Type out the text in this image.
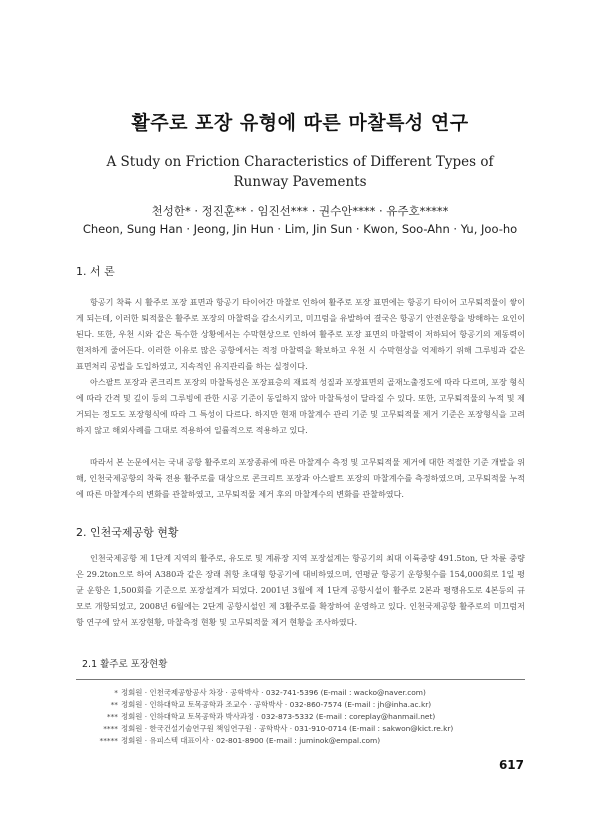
활주로 포장 유형에 따른 마찰특성 연구
A Study on Friction Characteristics of Different Types of Runway Pavements
천성한* · 정진훈** · 임진선*** · 권수안**** · 유주호*****
Cheon, Sung Han · Jeong, Jin Hun · Lim, Jin Sun · Kwon, Soo-Ahn · Yu, Joo-ho
1. 서 론

항공기 착륙 시 활주로 포장 표면과 항공기 타이어간 마찰로 인하여 활주로 포장 표면에는 항공기 타이어 고무퇴적물이 쌓이게 되는데, 이러한 퇴적물은 활주로 포장의 마찰력을 감소시키고, 미끄럼을 유발하여 결국은 항공기 안전운항을 방해하는 요인이 된다. 또한, 우천 시와 같은 특수한 상황에서는 수막현상으로 인하여 활주로 포장 표면의 마찰력이 저하되어 항공기의 제동력이 현저하게 줄어든다. 이러한 이유로 많은 공항에서는 적정 마찰력을 확보하고 우천 시 수막현상을 억제하기 위해 그루빙과 같은 표면처리 공법을 도입하였고, 지속적인 유지관리를 하는 실정이다.

아스팔트 포장과 콘크리트 포장의 마찰특성은 포장표층의 재료적 성질과 포장표면의 골재노출정도에 따라 다르며, 포장 형식에 따라 간격 및 깊이 등의 그루빙에 관한 시공 기준이 동일하지 않아 마찰특성이 달라질 수 있다. 또한, 고무퇴적물의 누적 및 제거되는 정도도 포장형식에 따라 그 특성이 다르다. 하지만 현재 마찰계수 관리 기준 및 고무퇴적물 제거 기준은 포장형식을 고려하지 않고 해외사례를 그대로 적용하여 일률적으로 적용하고 있다.

따라서 본 논문에서는 국내 공항 활주로의 포장종류에 따른 마찰계수 측정 및 고무퇴적물 제거에 대한 적절한 기준 개발을 위해, 인천국제공항의 착륙 전용 활주로를 대상으로 콘크리트 포장과 아스팔트 포장의 마찰계수를 측정하였으며, 고무퇴적물 누적에 따른 마찰계수의 변화를 관찰하였고, 고무퇴적물 제거 후의 마찰계수의 변화를 관찰하였다.

2. 인천국제공항 현황

인천국제공항 제 1단계 지역의 활주로, 유도로 및 계류장 지역 포장설계는 항공기의 최대 이륙중량 491.5ton, 단 차륜 중량은 29.2ton으로 하여 A380과 같은 장래 취항 초대형 항공기에 대비하였으며, 연평균 항공기 운항횟수를 154,000회로 1일 평균 운항은 1,500회를 기준으로 포장설계가 되었다. 2001년 3월에 제 1단계 공항시설이 활주로 2본과 평행유도로 4본등의 규모로 개항되었고, 2008년 6월에는 2단계 공항시설인 제 3활주로를 확장하여 운영하고 있다. 인천국제공항 활주로의 미끄럼저항 연구에 앞서 포장현황, 마찰측정 현황 및 고무퇴적물 제거 현황을 조사하였다.

2.1 활주로 포장현황
* 정회원 · 인천국제공항공사 차장 · 공학박사 · 032-741-5396 (E-mail : wacko@naver.com)
** 정회원 · 인하대학교 토목공학과 조교수 · 공학박사 · 032-860-7574 (E-mail : jh@inha.ac.kr)
*** 정회원 · 인하대학교 토목공학과 박사과정 · 032-873-5332 (E-mail : coreplay@hanmail.net)
**** 정회원 · 한국건설기술연구원 책임연구원 · 공학박사 · 031-910-0714 (E-mail : sakwon@kict.re.kr)
***** 정회원 · 유피스텍 대표이사 · 02-801-8900 (E-mail : juminok@empal.com)
617
